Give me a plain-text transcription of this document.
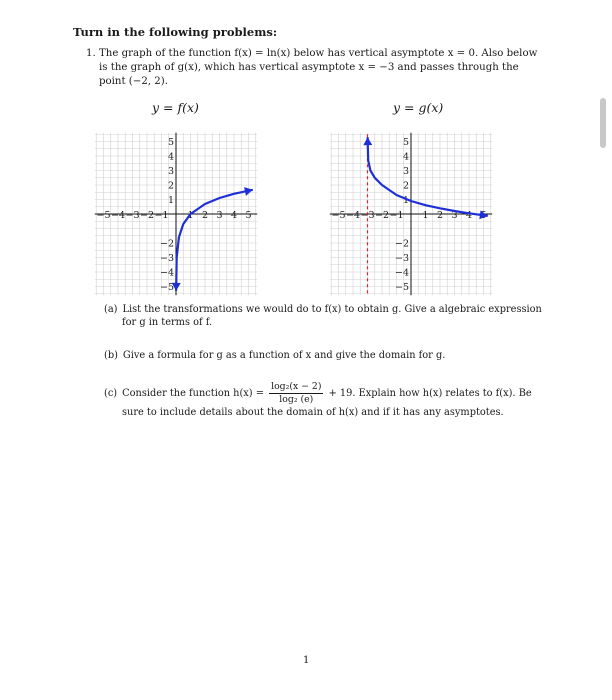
Turn in the following problems:
1. The graph of the function f(x) = ln(x) below has vertical asymptote x = 0. Also below is the graph of g(x), which has vertical asymptote x = −3 and passes through the point (−2, 2).
y = f(x)	y = g(x)
−5 −4 −3 −2 −1 1 2 3 4 5
5
4
3
2
1
−2
−3
−4
−5
−5 −4 −3 −2 −1 1 2 3 4
5
4
3
2
1
−2
−3
−4
−5
(a) List the transformations we would do to f(x) to obtain g. Give a algebraic expression
for g in terms of f.
(b) Give a formula for g as a function of x and give the domain for g.
(c) Consider the function $h(x) = \frac{\text{log₂(x − 2)}}{\text{log₂ (e)}} + 19$. Explain how h(x) relates to f(x). Be
sure to include details about the domain of h(x) and if it has any asymptotes.
1
